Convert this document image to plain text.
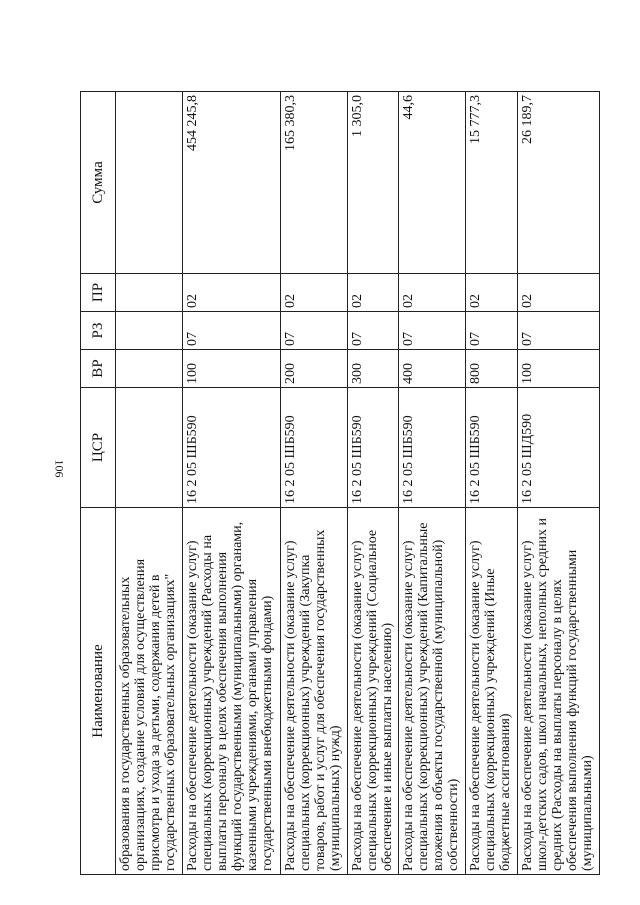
106
Наименование	ЦСР	ВР	РЗ	ПР	Сумма
образования в государственных образовательных организациях, создание условий для осуществления присмотра и ухода за детьми, содержания детей в государственных образовательных организациях"					
Расходы на обеспечение деятельности (оказание услуг) специальных (коррекционных) учреждений (Расходы на выплаты персоналу в целях обеспечения выполнения функций государственными (муниципальными) органами, казенными учреждениями, органами управления государственными внебюджетными фондами)	16 2 05 ШБ590	100	07	02	454 245,8
Расходы на обеспечение деятельности (оказание услуг) специальных (коррекционных) учреждений (Закупка товаров, работ и услуг для обеспечения государственных (муниципальных) нужд)	16 2 05 ШБ590	200	07	02	165 380,3
Расходы на обеспечение деятельности (оказание услуг) специальных (коррекционных) учреждений (Социальное обеспечение и иные выплаты населению)	16 2 05 ШБ590	300	07	02	1 305,0
Расходы на обеспечение деятельности (оказание услуг) специальных (коррекционных) учреждений (Капитальные вложения в объекты государственной (муниципальной) собственности)	16 2 05 ШБ590	400	07	02	44,6
Расходы на обеспечение деятельности (оказание услуг) специальных (коррекционных) учреждений (Иные бюджетные ассигнования)	16 2 05 ШБ590	800	07	02	15 777,3
Расходы на обеспечение деятельности (оказание услуг) школ-детских садов, школ начальных, неполных средних и средних (Расходы на выплаты персоналу в целях обеспечения выполнения функций государственными (муниципальными)	16 2 05 ШД590	100	07	02	26 189,7
